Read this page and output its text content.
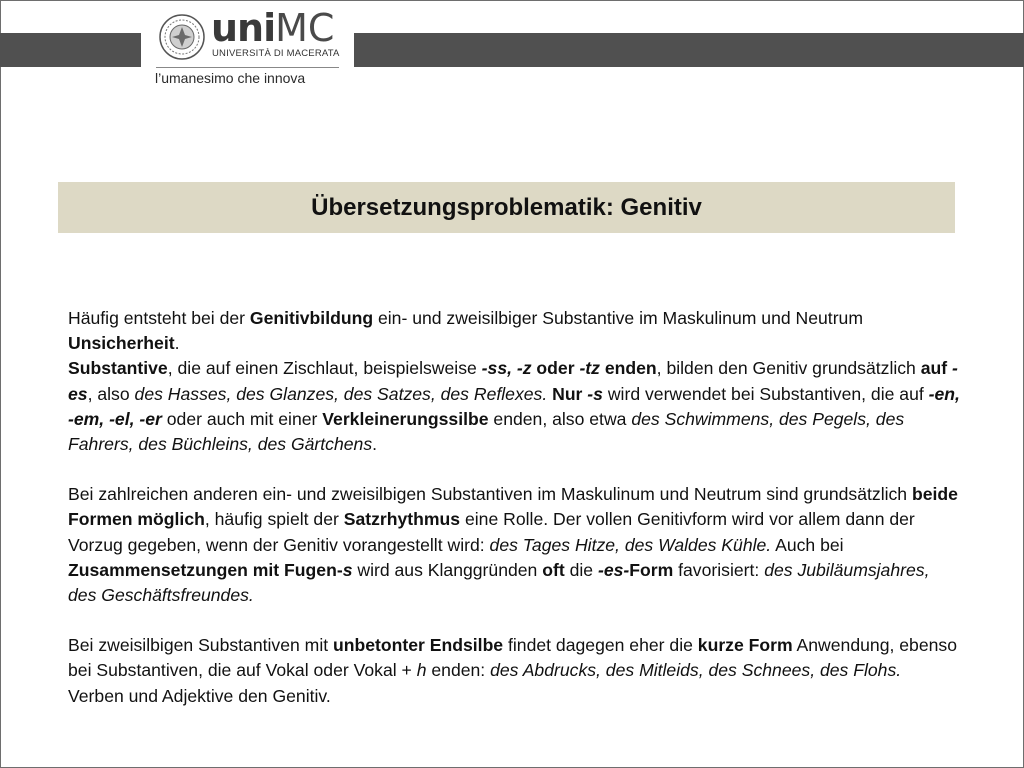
uniMC
UNIVERSITÀ DI MACERATA
l’umanesimo che innova
Übersetzungsproblematik: Genitiv

Häufig entsteht bei der Genitivbildung ein- und zweisilbiger Substantive im Maskulinum und Neutrum Unsicherheit.

Substantive, die auf einen Zischlaut, beispielsweise -ss, -z oder -tz enden, bilden den Genitiv grundsätzlich auf -es, also des Hasses, des Glanzes, des Satzes, des Reflexes. Nur -s wird verwendet bei Substantiven, die auf -en, -em, -el, -er oder auch mit einer Verkleinerungssilbe enden, also etwa des Schwimmens, des Pegels, des Fahrers, des Büchleins, des Gärtchens.

Bei zahlreichen anderen ein- und zweisilbigen Substantiven im Maskulinum und Neutrum sind grundsätzlich beide Formen möglich, häufig spielt der Satzrhythmus eine Rolle. Der vollen Genitivform wird vor allem dann der Vorzug gegeben, wenn der Genitiv vorangestellt wird: des Tages Hitze, des Waldes Kühle. Auch bei Zusammensetzungen mit Fugen-s wird aus Klanggründen oft die -es-Form favorisiert: des Jubiläumsjahres, des Geschäftsfreundes.

Bei zweisilbigen Substantiven mit unbetonter Endsilbe findet dagegen eher die kurze Form Anwendung, ebenso bei Substantiven, die auf Vokal oder Vokal + h enden: des Abdrucks, des Mitleids, des Schnees, des Flohs. Verben und Adjektive den Genitiv.
